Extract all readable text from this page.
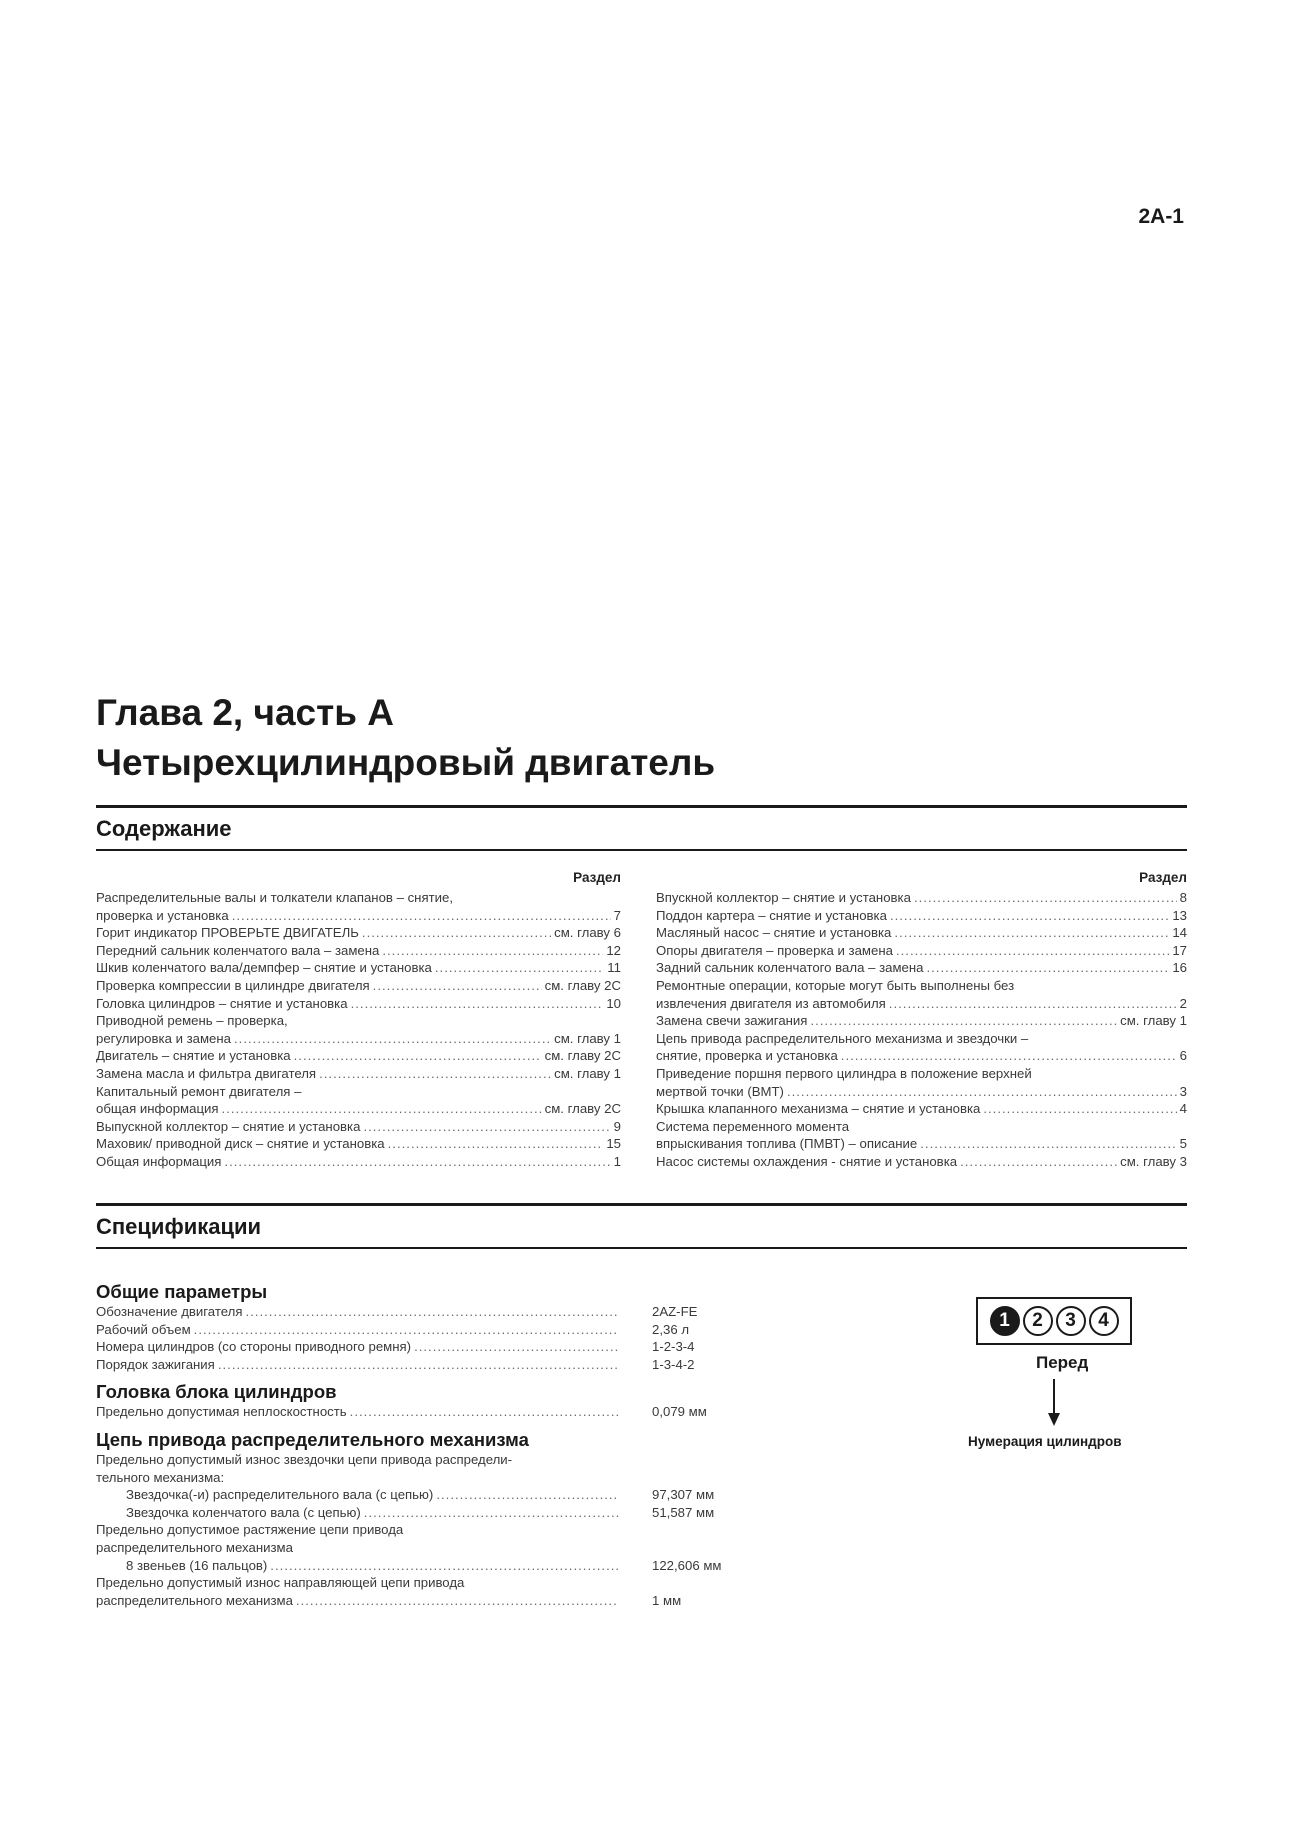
2A-1
Глава 2, часть А
Четырехцилиндровый двигатель
Содержание
Раздел
Распределительные валы и толкатели клапанов – снятие,
проверка и установка .....	7
Горит индикатор ПРОВЕРЬТЕ ДВИГАТЕЛЬ .....	см. главу 6
Передний сальник коленчатого вала – замена .....	12
Шкив коленчатого вала/демпфер – снятие и установка .....	11
Проверка компрессии в цилиндре двигателя .....	см. главу 2С
Головка цилиндров – снятие и установка .....	10
Приводной ремень – проверка,
регулировка и замена .....	см. главу 1
Двигатель – снятие и установка .....	см. главу 2С
Замена масла и фильтра двигателя .....	см. главу 1
Капитальный ремонт двигателя –
общая информация .....	см. главу 2С
Выпускной коллектор – снятие и установка .....	9
Маховик/ приводной диск – снятие и установка .....	15
Общая информация .....	1
Раздел
Впускной коллектор – снятие и установка .....	8
Поддон картера – снятие и установка .....	13
Масляный насос – снятие и установка .....	14
Опоры двигателя – проверка и замена .....	17
Задний сальник коленчатого вала – замена .....	16
Ремонтные операции, которые могут быть выполнены без
извлечения двигателя из автомобиля .....	2
Замена свечи зажигания .....	см. главу 1
Цепь привода распределительного механизма и звездочки –
снятие, проверка и установка .....	6
Приведение поршня первого цилиндра в положение верхней
мертвой точки (ВМТ) .....	3
Крышка клапанного механизма – снятие и установка .....	4
Система переменного момента
впрыскивания топлива (ПМВТ) – описание .....	5
Насос системы охлаждения - снятие и установка .....	см. главу 3
Спецификации
Общие параметры
Обозначение двигателя .....	2AZ-FE
Рабочий объем .....	2,36 л
Номера цилиндров (со стороны приводного ремня) .....	1-2-3-4
Порядок зажигания .....	1-3-4-2
Головка блока цилиндров
Предельно допустимая неплоскостность .....	0,079 мм
Цепь привода распределительного механизма
Предельно допустимый износ звездочки цепи привода распредели-
тельного механизма:
Звездочка(-и) распределительного вала (с цепью) .....	97,307 мм
Звездочка коленчатого вала (с цепью) .....	51,587 мм
Предельно допустимое растяжение цепи привода
распределительного механизма
8 звеньев (16 пальцов) .....	122,606 мм
Предельно допустимый износ направляющей цепи привода
распределительного механизма .....	1 мм
1	2	3	4
Перед
Нумерация цилиндров
